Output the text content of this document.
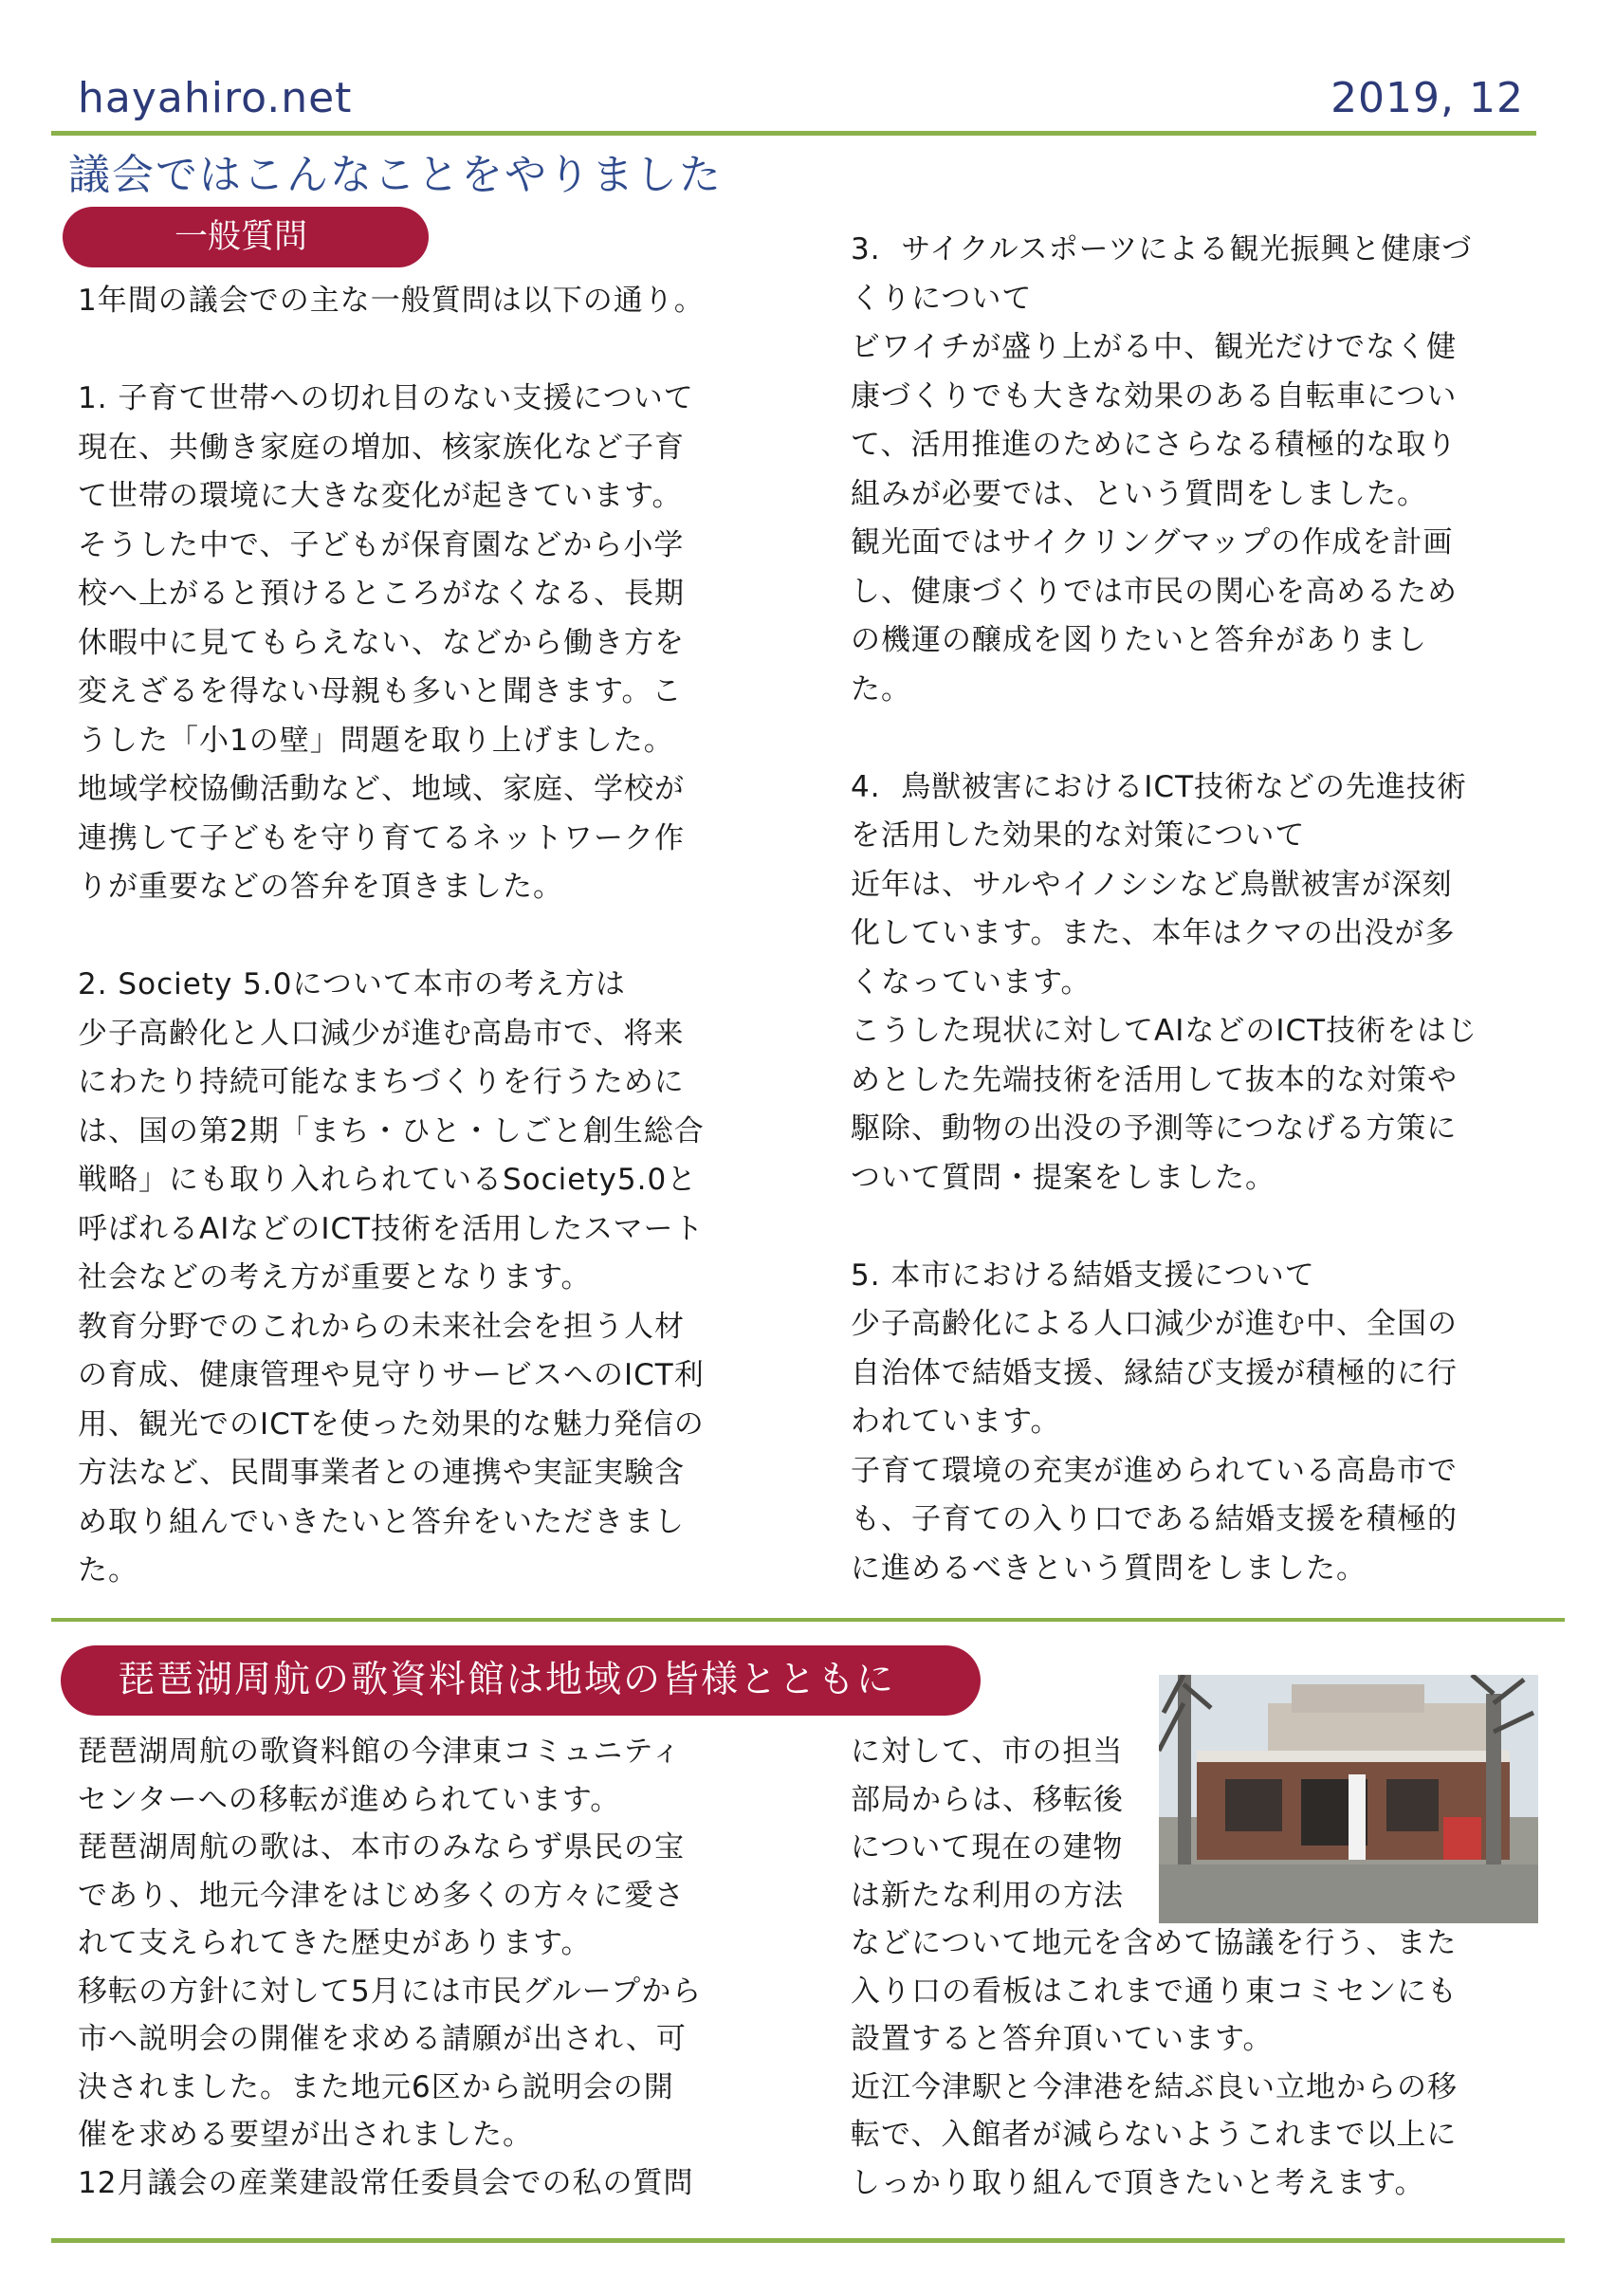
hayahiro.net	2019, 12
議会ではこんなことをやりました
一般質問
1年間の議会での主な一般質問は以下の通り。

1. 子育て世帯への切れ目のない支援について
現在、共働き家庭の増加、核家族化など子育
て世帯の環境に大きな変化が起きています。
そうした中で、子どもが保育園などから小学
校へ上がると預けるところがなくなる、長期
休暇中に見てもらえない、などから働き方を
変えざるを得ない母親も多いと聞きます。こ
うした「小1の壁」問題を取り上げました。
地域学校協働活動など、地域、家庭、学校が
連携して子どもを守り育てるネットワーク作
りが重要などの答弁を頂きました。

2. Society 5.0について本市の考え方は
少子高齢化と人口減少が進む高島市で、将来
にわたり持続可能なまちづくりを行うために
は、国の第2期「まち・ひと・しごと創生総合
戦略」にも取り入れられているSociety5.0と
呼ばれるAIなどのICT技術を活用したスマート
社会などの考え方が重要となります。
教育分野でのこれからの未来社会を担う人材
の育成、健康管理や見守りサービスへのICT利
用、観光でのICTを使った効果的な魅力発信の
方法など、民間事業者との連携や実証実験含
め取り組んでいきたいと答弁をいただきまし
た。
3.  サイクルスポーツによる観光振興と健康づ
くりについて
ビワイチが盛り上がる中、観光だけでなく健
康づくりでも大きな効果のある自転車につい
て、活用推進のためにさらなる積極的な取り
組みが必要では、という質問をしました。
観光面ではサイクリングマップの作成を計画
し、健康づくりでは市民の関心を高めるため
の機運の醸成を図りたいと答弁がありまし
た。

4.  鳥獣被害におけるICT技術などの先進技術
を活用した効果的な対策について
近年は、サルやイノシシなど鳥獣被害が深刻
化しています。また、本年はクマの出没が多
くなっています。
こうした現状に対してAIなどのICT技術をはじ
めとした先端技術を活用して抜本的な対策や
駆除、動物の出没の予測等につなげる方策に
ついて質問・提案をしました。

5. 本市における結婚支援について
少子高齢化による人口減少が進む中、全国の
自治体で結婚支援、縁結び支援が積極的に行
われています。
子育て環境の充実が進められている高島市で
も、子育ての入り口である結婚支援を積極的
に進めるべきという質問をしました。
琵琶湖周航の歌資料館は地域の皆様とともに
琵琶湖周航の歌資料館の今津東コミュニティ
センターへの移転が進められています。
琵琶湖周航の歌は、本市のみならず県民の宝
であり、地元今津をはじめ多くの方々に愛さ
れて支えられてきた歴史があります。
移転の方針に対して5月には市民グループから
市へ説明会の開催を求める請願が出され、可
決されました。また地元6区から説明会の開
催を求める要望が出されました。
12月議会の産業建設常任委員会での私の質問
に対して、市の担当
部局からは、移転後
について現在の建物
は新たな利用の方法
などについて地元を含めて協議を行う、また
入り口の看板はこれまで通り東コミセンにも
設置すると答弁頂いています。
近江今津駅と今津港を結ぶ良い立地からの移
転で、入館者が減らないようこれまで以上に
しっかり取り組んで頂きたいと考えます。
